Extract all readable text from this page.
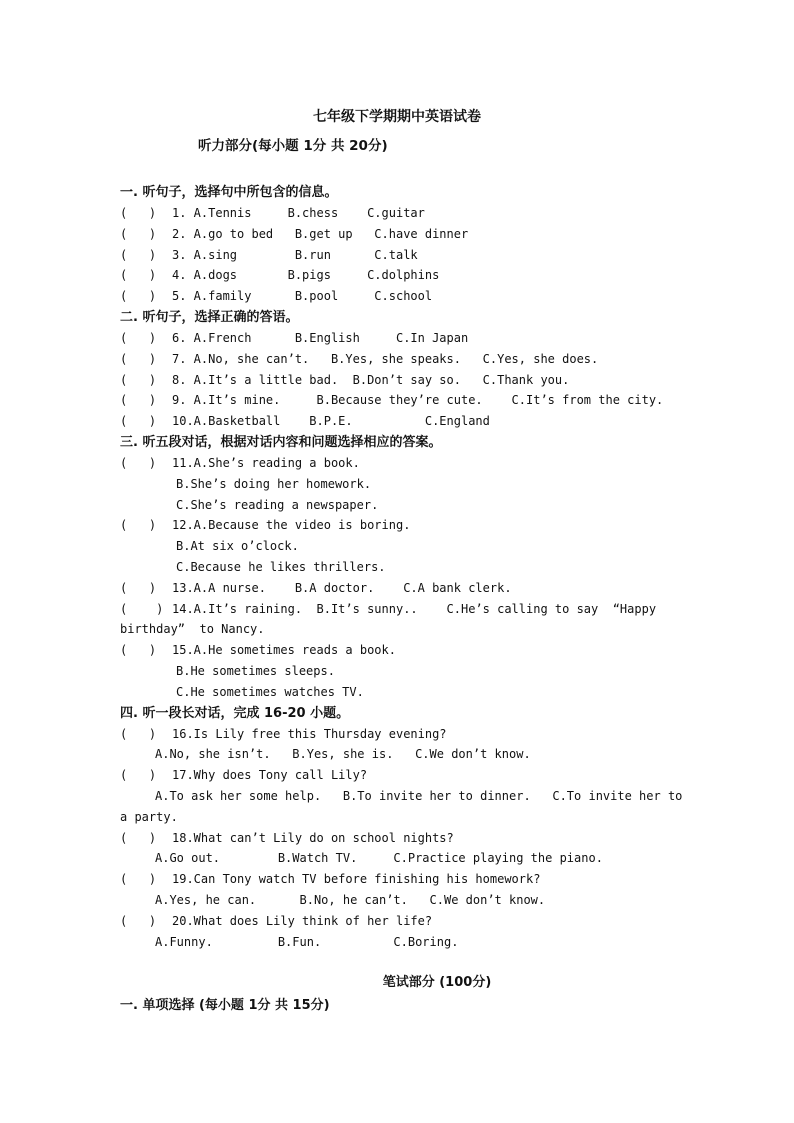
七年级下学期期中英语试卷
听力部分(每小题 1分 共 20分)
一. 听句子，选择句中所包含的信息。
(   ) 1. A.Tennis     B.chess    C.guitar
(   ) 2. A.go to bed   B.get up   C.have dinner
(   ) 3. A.sing        B.run      C.talk
(   ) 4. A.dogs       B.pigs     C.dolphins
(   ) 5. A.family      B.pool     C.school
二. 听句子，选择正确的答语。
(   ) 6. A.French      B.English     C.In Japan
(   ) 7. A.No, she can’t.   B.Yes, she speaks.   C.Yes, she does.
(   ) 8. A.It’s a little bad.  B.Don’t say so.   C.Thank you.
(   ) 9. A.It’s mine.     B.Because they’re cute.    C.It’s from the city.
(   ) 10.A.Basketball    B.P.E.          C.England
三. 听五段对话，根据对话内容和问题选择相应的答案。
(   ) 11.A.She’s reading a book.
B.She’s doing her homework.
C.She’s reading a newspaper.
(   ) 12.A.Because the video is boring.
B.At six o’clock.
C.Because he likes thrillers.
(   ) 13.A.A nurse.    B.A doctor.    C.A bank clerk.
(    ) 14.A.It’s raining.  B.It’s sunny..    C.He’s calling to say  “Happy
birthday”  to Nancy.
(   ) 15.A.He sometimes reads a book.
B.He sometimes sleeps.
C.He sometimes watches TV.
四. 听一段长对话，完成 16-20 小题。
(   ) 16.Is Lily free this Thursday evening?
A.No, she isn’t.   B.Yes, she is.   C.We don’t know.
(   ) 17.Why does Tony call Lily?
A.To ask her some help.   B.To invite her to dinner.   C.To invite her to
a party.
(   ) 18.What can’t Lily do on school nights?
A.Go out.        B.Watch TV.     C.Practice playing the piano.
(   ) 19.Can Tony watch TV before finishing his homework?
A.Yes, he can.      B.No, he can’t.   C.We don’t know.
(   ) 20.What does Lily think of her life?
A.Funny.         B.Fun.          C.Boring.
笔试部分 (100分)
一. 单项选择 (每小题 1分 共 15分)
